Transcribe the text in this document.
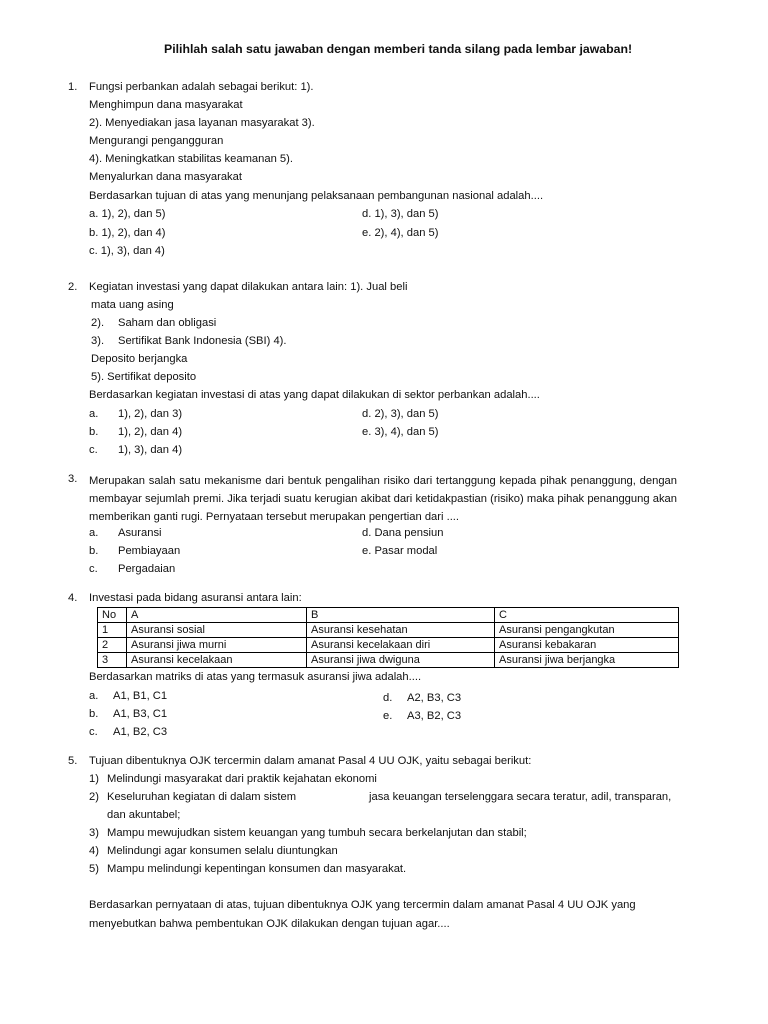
Pilihlah salah satu jawaban dengan memberi tanda silang pada lembar jawaban!
1. Fungsi perbankan adalah sebagai berikut: 1).
Menghimpun dana masyarakat
2). Menyediakan jasa layanan masyarakat 3).
Mengurangi pengangguran
4). Meningkatkan stabilitas keamanan 5).
Menyalurkan dana masyarakat
Berdasarkan tujuan di atas yang menunjang pelaksanaan pembangunan nasional adalah....
a. 1), 2), dan 5)	d. 1), 3), dan 5)
b. 1), 2), dan 4)	e. 2), 4), dan 5)
c. 1), 3), dan 4)
2. Kegiatan investasi yang dapat dilakukan antara lain: 1). Jual beli
mata uang asing
2). Saham dan obligasi
3). Sertifikat Bank Indonesia (SBI) 4).
Deposito berjangka
5). Sertifikat deposito
Berdasarkan kegiatan investasi di atas yang dapat dilakukan di sektor perbankan adalah....
a. 1), 2), dan 3)	d. 2), 3), dan 5)
b. 1), 2), dan 4)	e. 3), 4), dan 5)
c. 1), 3), dan 4)
3. Merupakan salah satu mekanisme dari bentuk pengalihan risiko dari tertanggung kepada pihak penanggung, dengan membayar sejumlah premi. Jika terjadi suatu kerugian akibat dari ketidakpastian (risiko) maka pihak penanggung akan memberikan ganti rugi. Pernyataan tersebut merupakan pengertian dari ....
a. Asuransi	d. Dana pensiun
b. Pembiayaan	e. Pasar modal
c. Pergadaian
4. Investasi pada bidang asuransi antara lain:
No	A	B	C
1	Asuransi sosial	Asuransi kesehatan	Asuransi pengangkutan
2	Asuransi jiwa murni	Asuransi kecelakaan diri	Asuransi kebakaran
3	Asuransi kecelakaan	Asuransi jiwa dwiguna	Asuransi jiwa berjangka
Berdasarkan matriks di atas yang termasuk asuransi jiwa adalah....
a. A1, B1, C1	d. A2, B3, C3
b. A1, B3, C1	e. A3, B2, C3
c. A1, B2, C3
5. Tujuan dibentuknya OJK tercermin dalam amanat Pasal 4 UU OJK, yaitu sebagai berikut:
1) Melindungi masyarakat dari praktik kejahatan ekonomi
2) Keseluruhan kegiatan di dalam sistem	jasa keuangan terselenggara secara teratur, adil, transparan,
dan akuntabel;
3) Mampu mewujudkan sistem keuangan yang tumbuh secara berkelanjutan dan stabil;
4) Melindungi agar konsumen selalu diuntungkan
5) Mampu melindungi kepentingan konsumen dan masyarakat.
Berdasarkan pernyataan di atas, tujuan dibentuknya OJK yang tercermin dalam amanat Pasal 4 UU OJK yang
menyebutkan bahwa pembentukan OJK dilakukan dengan tujuan agar....
